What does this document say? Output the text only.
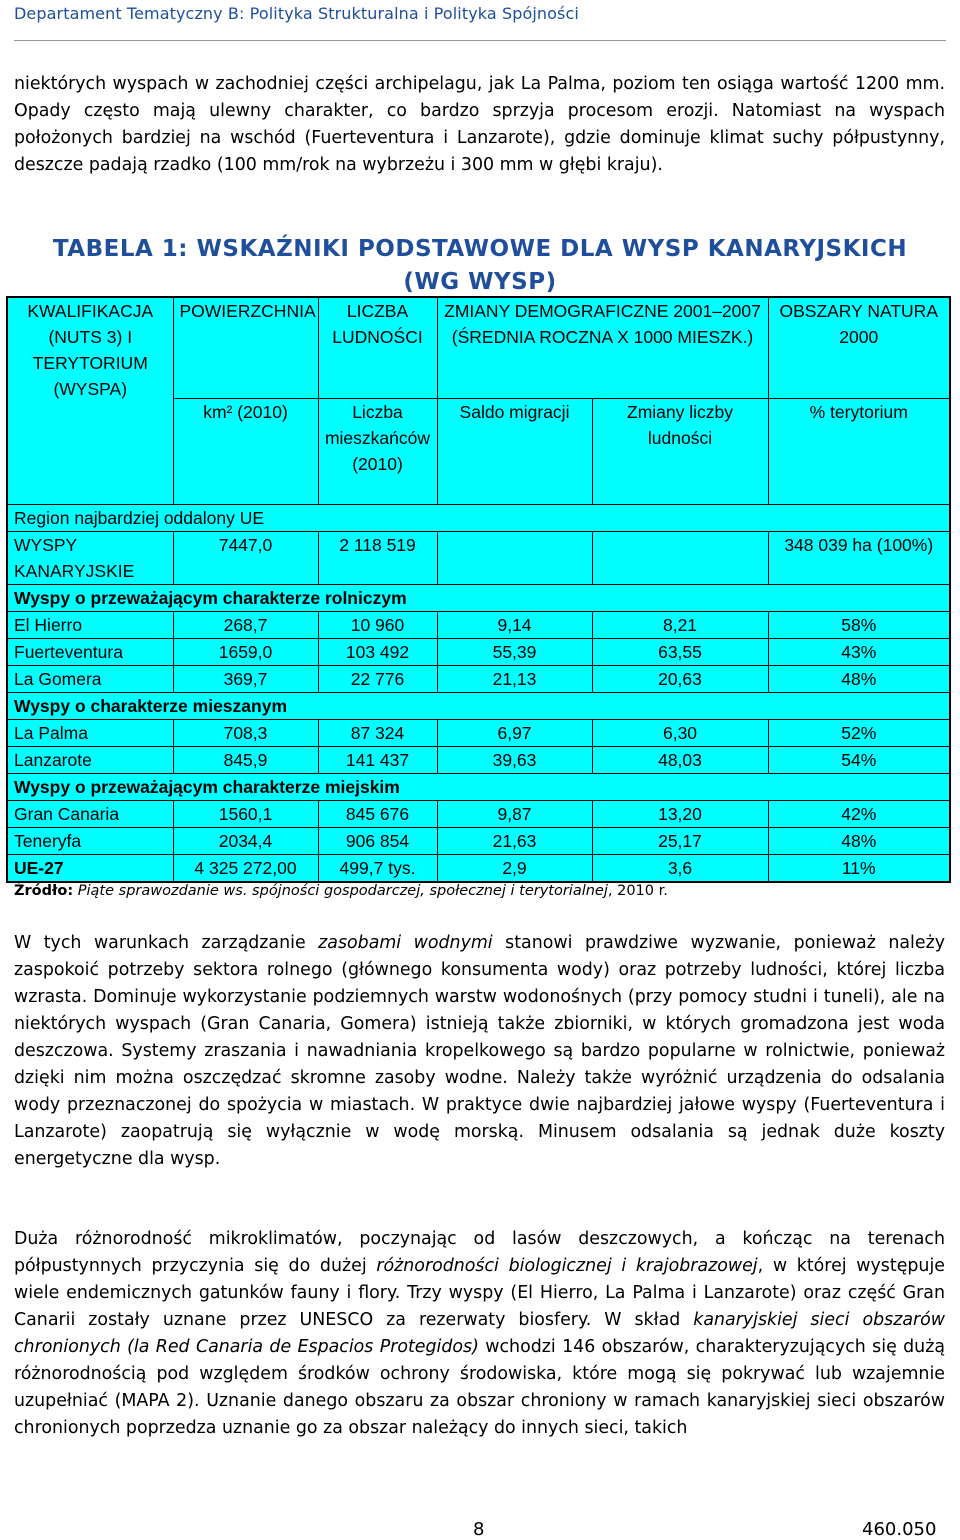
Departament Tematyczny B: Polityka Strukturalna i Polityka Spójności

niektórych wyspach w zachodniej części archipelagu, jak La Palma, poziom ten osiąga wartość 1200 mm. Opady często mają ulewny charakter, co bardzo sprzyja procesom erozji. Natomiast na wyspach położonych bardziej na wschód (Fuerteventura i Lanzarote), gdzie dominuje klimat suchy półpustynny, deszcze padają rzadko (100 mm/rok na wybrzeżu i 300 mm w głębi kraju).

TABELA 1: WSKAŹNIKI PODSTAWOWE DLA WYSP KANARYJSKICH
(WG WYSP)
KWALIFIKACJA (NUTS 3) I TERYTORIUM (WYSPA)	POWIERZCHNIA	LICZBA LUDNOŚCI	ZMIANY DEMOGRAFICZNE 2001–2007 (ŚREDNIA ROCZNA X 1000 MIESZK.)		OBSZARY NATURA 2000
	km² (2010)	Liczba mieszkańców (2010)	Saldo migracji	Zmiany liczby ludności	% terytorium
Region najbardziej oddalony UE					
WYSPY KANARYJSKIE	7447,0	2 118 519			348 039 ha (100%)
Wyspy o przeważającym charakterze rolniczym					
El Hierro	268,7	10 960	9,14	8,21	58%
Fuerteventura	1659,0	103 492	55,39	63,55	43%
La Gomera	369,7	22 776	21,13	20,63	48%
Wyspy o charakterze mieszanym					
La Palma	708,3	87 324	6,97	6,30	52%
Lanzarote	845,9	141 437	39,63	48,03	54%
Wyspy o przeważającym charakterze miejskim					
Gran Canaria	1560,1	845 676	9,87	13,20	42%
Teneryfa	2034,4	906 854	21,63	25,17	48%
UE-27	4 325 272,00	499,7 tys.	2,9	3,6	11%
Źródło: Piąte sprawozdanie ws. spójności gospodarczej, społecznej i terytorialnej, 2010 r.

W tych warunkach zarządzanie zasobami wodnymi stanowi prawdziwe wyzwanie, ponieważ należy zaspokoić potrzeby sektora rolnego (głównego konsumenta wody) oraz potrzeby ludności, której liczba wzrasta. Dominuje wykorzystanie podziemnych warstw wodonośnych (przy pomocy studni i tuneli), ale na niektórych wyspach (Gran Canaria, Gomera) istnieją także zbiorniki, w których gromadzona jest woda deszczowa. Systemy zraszania i nawadniania kropelkowego są bardzo popularne w rolnictwie, ponieważ dzięki nim można oszczędzać skromne zasoby wodne. Należy także wyróżnić urządzenia do odsalania wody przeznaczonej do spożycia w miastach. W praktyce dwie najbardziej jałowe wyspy (Fuerteventura i Lanzarote) zaopatrują się wyłącznie w wodę morską. Minusem odsalania są jednak duże koszty energetyczne dla wysp.

Duża różnorodność mikroklimatów, poczynając od lasów deszczowych, a kończąc na terenach półpustynnych przyczynia się do dużej różnorodności biologicznej i krajobrazowej, w której występuje wiele endemicznych gatunków fauny i flory. Trzy wyspy (El Hierro, La Palma i Lanzarote) oraz część Gran Canarii zostały uznane przez UNESCO za rezerwaty biosfery. W skład kanaryjskiej sieci obszarów chronionych (la Red Canaria de Espacios Protegidos) wchodzi 146 obszarów, charakteryzujących się dużą różnorodnością pod względem środków ochrony środowiska, które mogą się pokrywać lub wzajemnie uzupełniać (MAPA 2). Uznanie danego obszaru za obszar chroniony w ramach kanaryjskiej sieci obszarów chronionych poprzedza uznanie go za obszar należący do innych sieci, takich

8	460.050
